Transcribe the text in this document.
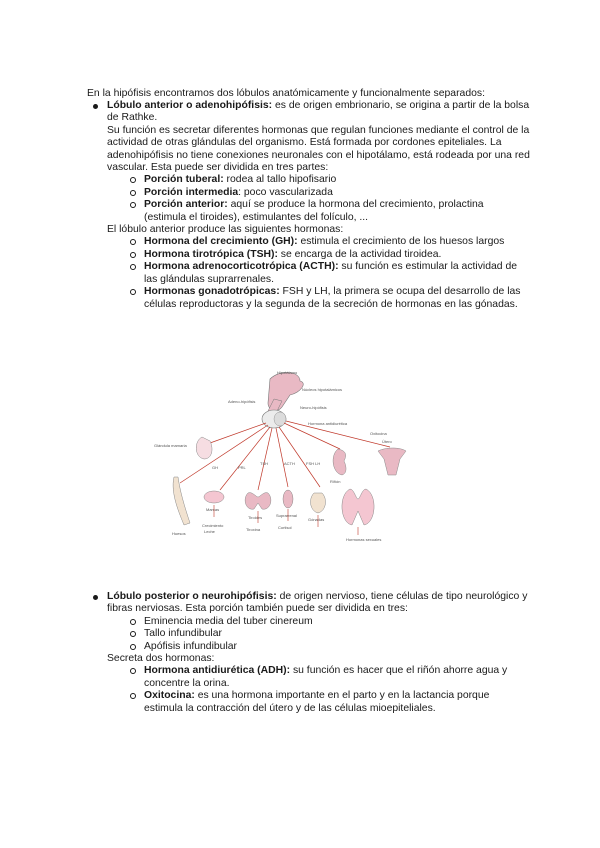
En la hipófisis encontramos dos lóbulos anatómicamente y funcionalmente separados:
Lóbulo anterior o adenohipófisis: es de origen embrionario, se origina a partir de la bolsa de Rathke.
Su función es secretar diferentes hormonas que regulan funciones mediante el control de la actividad de otras glándulas del organismo. Está formada por cordones epiteliales. La adenohipófisis no tiene conexiones neuronales con el hipotálamo, está rodeada por una red vascular. Esta puede ser dividida en tres partes:
Porción tuberal: rodea al tallo hipofisario
Porción intermedia: poco vascularizada
Porción anterior: aquí se produce la hormona del crecimiento, prolactina (estimula el tiroides), estimulantes del folículo, ...
El lóbulo anterior produce las siguientes hormonas:
Hormona del crecimiento (GH): estimula el crecimiento de los huesos largos
Hormona tirotrópica (TSH): se encarga de la actividad tiroidea.
Hormona adrenocorticotrópica (ACTH): su función es estimular la actividad de las glándulas suprarrenales.
Hormonas gonadotrópicas: FSH y LH, la primera se ocupa del desarrollo de las células reproductoras y la segunda de la secreción de hormonas en las gónadas.
Hipotálamo
Núcleos hipotalámicos
Adeno-hipófisis
Neuro-hipófisis
Hormona antidiurética
Útero
Riñón
Oxitocina
Glándula mamaria
GH	PRL
TSH	ACTH	FSH LH
Huesos
Mamas
Tiroides	Suprarrenal
Gónadas
Crecimiento
Leche	Tiroxina	Cortisol
Hormonas sexuales
Lóbulo posterior o neurohipófisis: de origen nervioso, tiene células de tipo neurológico y fibras nerviosas. Esta porción también puede ser dividida en tres:
Eminencia media del tuber cinereum
Tallo infundibular
Apófisis infundibular
Secreta dos hormonas:
Hormona antidiurética (ADH): su función es hacer que el riñón ahorre agua y concentre la orina.
Oxitocina: es una hormona importante en el parto y en la lactancia porque estimula la contracción del útero y de las células mioepiteliales.
